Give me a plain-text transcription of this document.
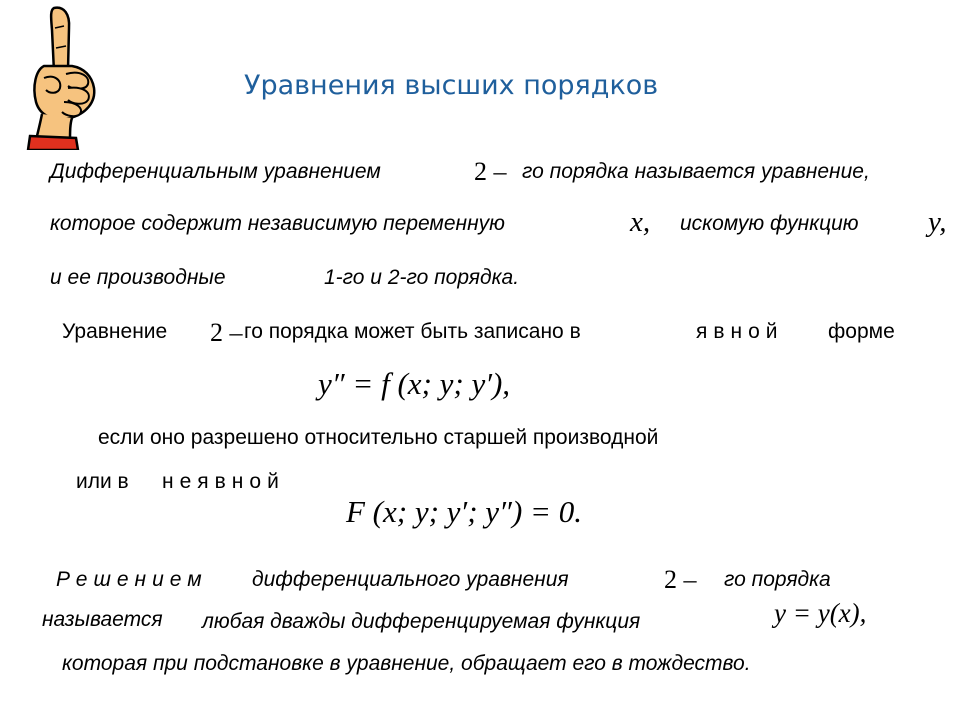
Уравнения высших порядков
Дифференциальным уравнением	2 – го порядка называется уравнение,
которое содержит независимую переменную	x, искомую функцию y,
и ее производные	1-го и 2-го порядка.
Уравнение 2 – го порядка может быть записано в	явной форме
y″ = f (x; y; y′),
если оно разрешено относительно старшей производной
или в неявной
F (x; y; y′; y″) = 0.
Решением дифференциального уравнения	2 – го порядка
называется любая дважды дифференцируемая функция	y = y(x),
которая при подстановке в уравнение, обращает его в тождество.
